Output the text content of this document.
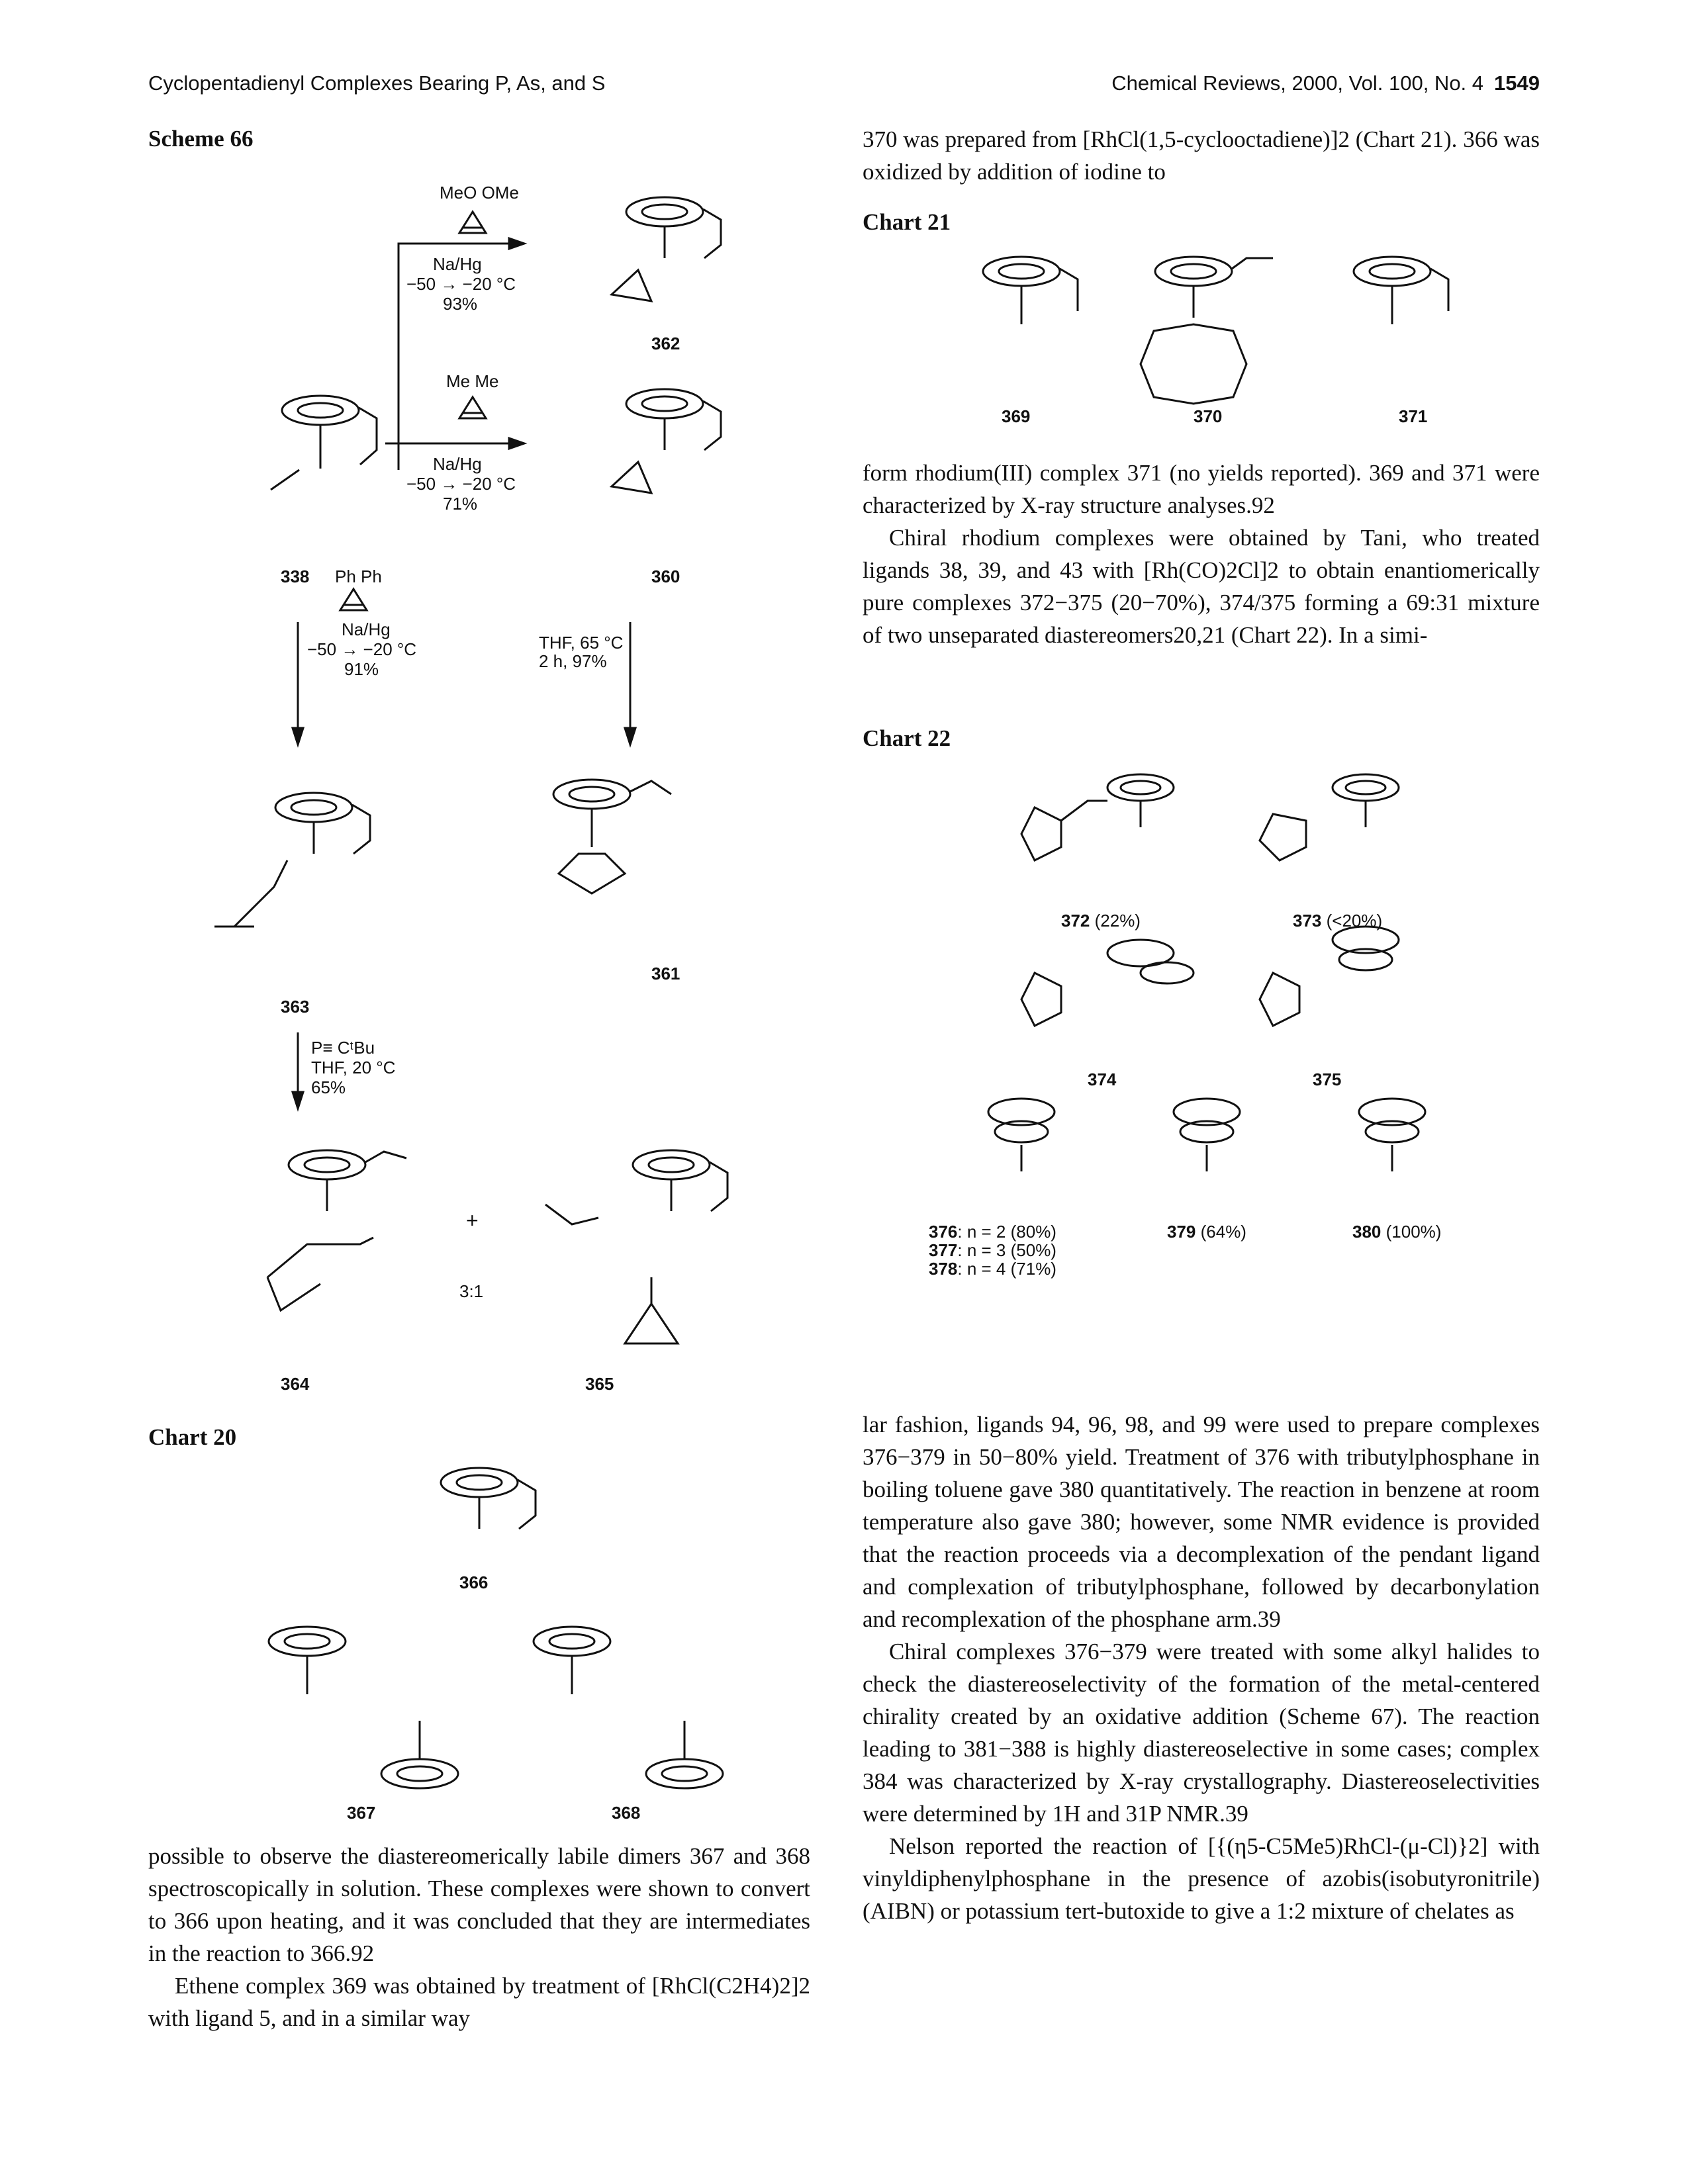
Cyclopentadienyl Complexes Bearing P, As, and S	Chemical Reviews, 2000, Vol. 100, No. 4 1549
Scheme 66
MeO OMe
Na/Hg
−50 → −20 °C
93%
Me Me
Na/Hg
−50 → −20 °C
71%
Ph Ph
Na/Hg
−50 → −20 °C
91%
THF, 65 °C
2 h, 97%
P≡ CᵗBu
THF, 20 °C
65%
+
3:1
338
362
360
363
361
364	365
Chart 20
366
367	368

possible to observe the diastereomerically labile dimers 367 and 368 spectroscopically in solution. These complexes were shown to convert to 366 upon heating, and it was concluded that they are intermediates in the reaction to 366.92

Ethene complex 369 was obtained by treatment of [RhCl(C2H4)2]2 with ligand 5, and in a similar way

370 was prepared from [RhCl(1,5-cyclooctadiene)]2 (Chart 21). 366 was oxidized by addition of iodine to

Chart 21
369	370	371

form rhodium(III) complex 371 (no yields reported). 369 and 371 were characterized by X-ray structure analyses.92

Chiral rhodium complexes were obtained by Tani, who treated ligands 38, 39, and 43 with [Rh(CO)2Cl]2 to obtain enantiomerically pure complexes 372−375 (20−70%), 374/375 forming a 69:31 mixture of two unseparated diastereomers20,21 (Chart 22). In a simi-

Chart 22
372 (22%)	373 (<20%)
374	375
376: n = 2 (80%)
377: n = 3 (50%)
378: n = 4 (71%)
379 (64%)	380 (100%)

lar fashion, ligands 94, 96, 98, and 99 were used to prepare complexes 376−379 in 50−80% yield. Treatment of 376 with tributylphosphane in boiling toluene gave 380 quantitatively. The reaction in benzene at room temperature also gave 380; however, some NMR evidence is provided that the reaction proceeds via a decomplexation of the pendant ligand and complexation of tributylphosphane, followed by decarbonylation and recomplexation of the phosphane arm.39

Chiral complexes 376−379 were treated with some alkyl halides to check the diastereoselectivity of the formation of the metal-centered chirality created by an oxidative addition (Scheme 67). The reaction leading to 381−388 is highly diastereoselective in some cases; complex 384 was characterized by X-ray crystallography. Diastereoselectivities were determined by 1H and 31P NMR.39

Nelson reported the reaction of [{(η5-C5Me5)RhCl-(μ-Cl)}2] with vinyldiphenylphosphane in the presence of azobis(isobutyronitrile) (AIBN) or potassium tert-butoxide to give a 1:2 mixture of chelates as
